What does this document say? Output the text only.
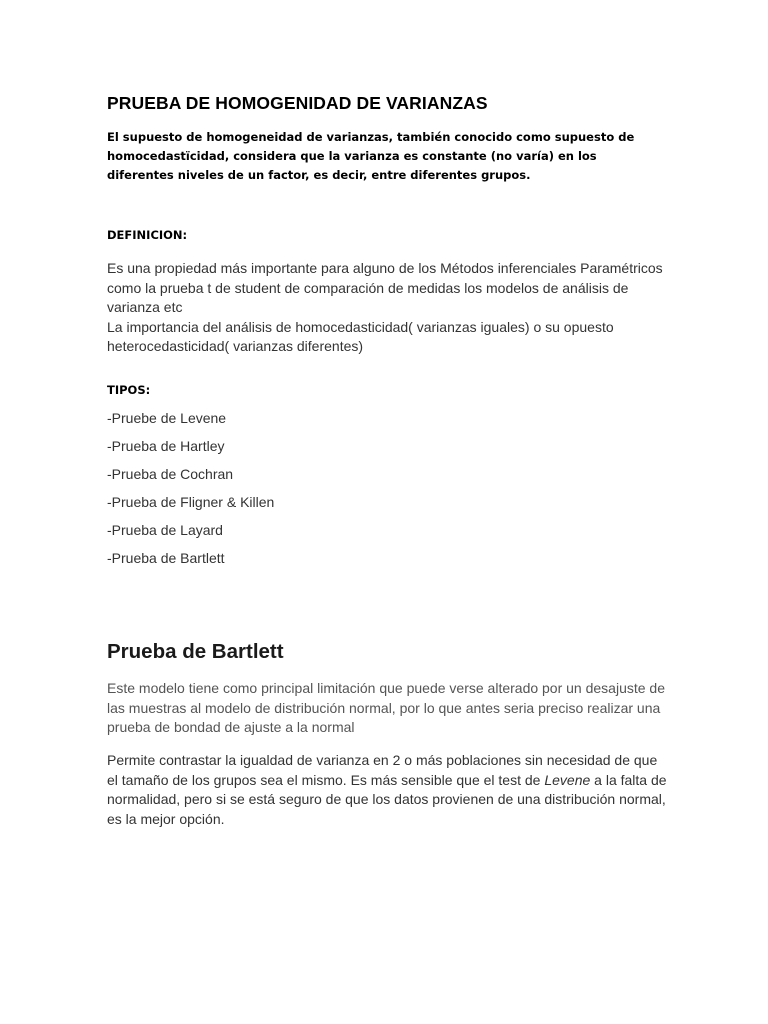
PRUEBA DE HOMOGENIDAD DE VARIANZAS

El supuesto de homogeneidad de varianzas, también conocido como supuesto de homocedastïcidad, considera que la varianza es constante (no varía) en los diferentes niveles de un factor, es decir, entre diferentes grupos.

DEFINICION:
Es una propiedad más importante para alguno de los Métodos inferenciales Paramétricos como la prueba t de student de comparación de medidas los modelos de análisis de varianza etc
La importancia del análisis de homocedasticidad( varianzas iguales) o su opuesto heterocedasticidad( varianzas diferentes)
TIPOS:
-Pruebe de Levene
-Prueba de Hartley
-Prueba de Cochran
-Prueba de Fligner & Killen
-Prueba de Layard
-Prueba de Bartlett
Prueba de Bartlett

Este modelo tiene como principal limitación que puede verse alterado por un desajuste de las muestras al modelo de distribución normal, por lo que antes seria preciso realizar una prueba de bondad de ajuste a la normal

Permite contrastar la igualdad de varianza en 2 o más poblaciones sin necesidad de que el tamaño de los grupos sea el mismo. Es más sensible que el test de Levene a la falta de normalidad, pero si se está seguro de que los datos provienen de una distribución normal, es la mejor opción.
